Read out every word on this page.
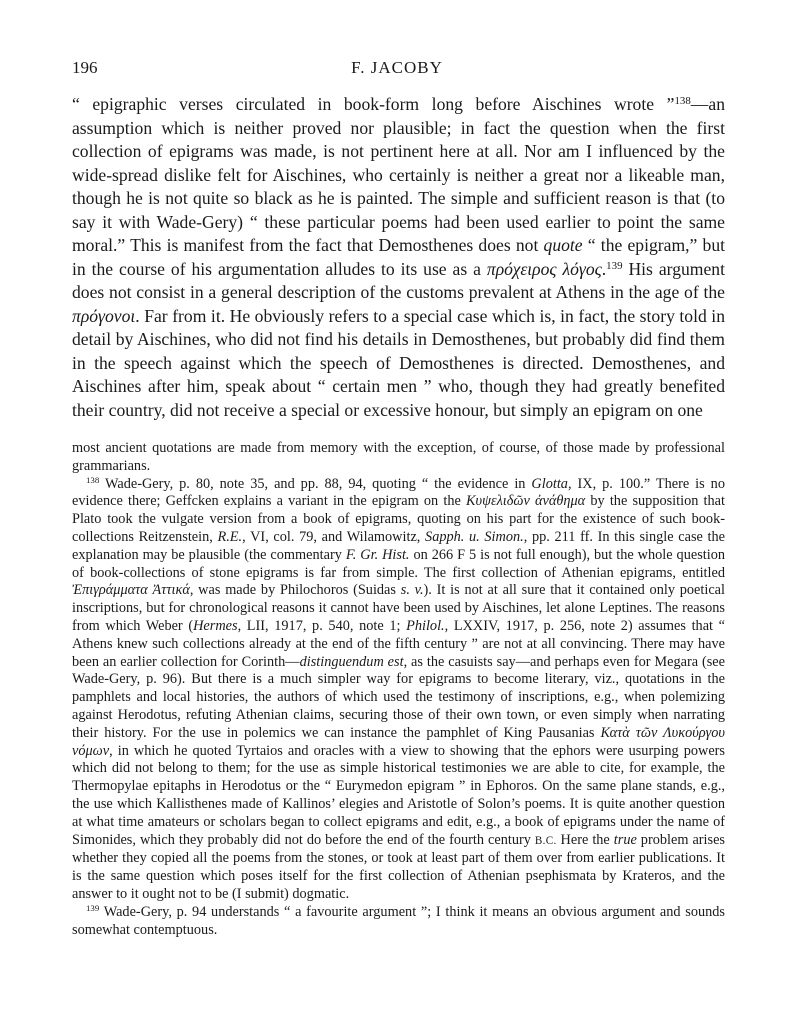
196	F. JACOBY

“ epigraphic verses circulated in book-form long before Aischines wrote ”$^{138}$—an assumption which is neither proved nor plausible; in fact the question when the first collection of epigrams was made, is not pertinent here at all. Nor am I influenced by the wide-spread dislike felt for Aischines, who certainly is neither a great nor a likeable man, though he is not quite so black as he is painted. The simple and sufficient reason is that (to say it with Wade-Gery) “ these particular poems had been used earlier to point the same moral.” This is manifest from the fact that Demosthenes does not quote “ the epigram,” but in the course of his argumentation alludes to its use as a πρόχειρος λόγος.$^{139}$ His argument does not consist in a general description of the customs prevalent at Athens in the age of the πρόγονοι. Far from it. He obviously refers to a special case which is, in fact, the story told in detail by Aischines, who did not find his details in Demosthenes, but probably did find them in the speech against which the speech of Demosthenes is directed. Demosthenes, and Aischines after him, speak about “ certain men ” who, though they had greatly benefited their country, did not receive a special or excessive honour, but simply an epigram on one

most ancient quotations are made from memory with the exception, of course, of those made by professional grammarians.

$^{138}$ Wade-Gery, p. 80, note 35, and pp. 88, 94, quoting “ the evidence in Glotta, IX, p. 100.” There is no evidence there; Geffcken explains a variant in the epigram on the Κυψελιδῶν ἀνάθημα by the supposition that Plato took the vulgate version from a book of epigrams, quoting on his part for the existence of such book-collections Reitzenstein, R.E., VI, col. 79, and Wilamowitz, Sapph. u. Simon., pp. 211 ff. In this single case the explanation may be plausible (the commentary F. Gr. Hist. on 266 F 5 is not full enough), but the whole question of book-collections of stone epigrams is far from simple. The first collection of Athenian epigrams, entitled Ἐπιγράμματα Ἀττικά, was made by Philochoros (Suidas s. v.). It is not at all sure that it contained only poetical inscriptions, but for chronological reasons it cannot have been used by Aischines, let alone Leptines. The reasons from which Weber (Hermes, LII, 1917, p. 540, note 1; Philol., LXXIV, 1917, p. 256, note 2) assumes that “ Athens knew such collections already at the end of the fifth century ” are not at all convincing. There may have been an earlier collection for Corinth—distinguendum est, as the casuists say—and perhaps even for Megara (see Wade-Gery, p. 96). But there is a much simpler way for epigrams to become literary, viz., quotations in the pamphlets and local histories, the authors of which used the testimony of inscriptions, e.g., when polemizing against Herodotus, refuting Athenian claims, securing those of their own town, or even simply when narrating their history. For the use in polemics we can instance the pamphlet of King Pausanias Κατὰ τῶν Λυκούργου νόμων, in which he quoted Tyrtaios and oracles with a view to showing that the ephors were usurping powers which did not belong to them; for the use as simple historical testimonies we are able to cite, for example, the Thermopylae epitaphs in Herodotus or the “ Eurymedon epigram ” in Ephoros. On the same plane stands, e.g., the use which Kallisthenes made of Kallinos’ elegies and Aristotle of Solon’s poems. It is quite another question at what time amateurs or scholars began to collect epigrams and edit, e.g., a book of epigrams under the name of Simonides, which they probably did not do before the end of the fourth century B.C. Here the true problem arises whether they copied all the poems from the stones, or took at least part of them over from earlier publications. It is the same question which poses itself for the first collection of Athenian psephismata by Krateros, and the answer to it ought not to be (I submit) dogmatic.

$^{139}$ Wade-Gery, p. 94 understands “ a favourite argument ”; I think it means an obvious argument and sounds somewhat contemptuous.
